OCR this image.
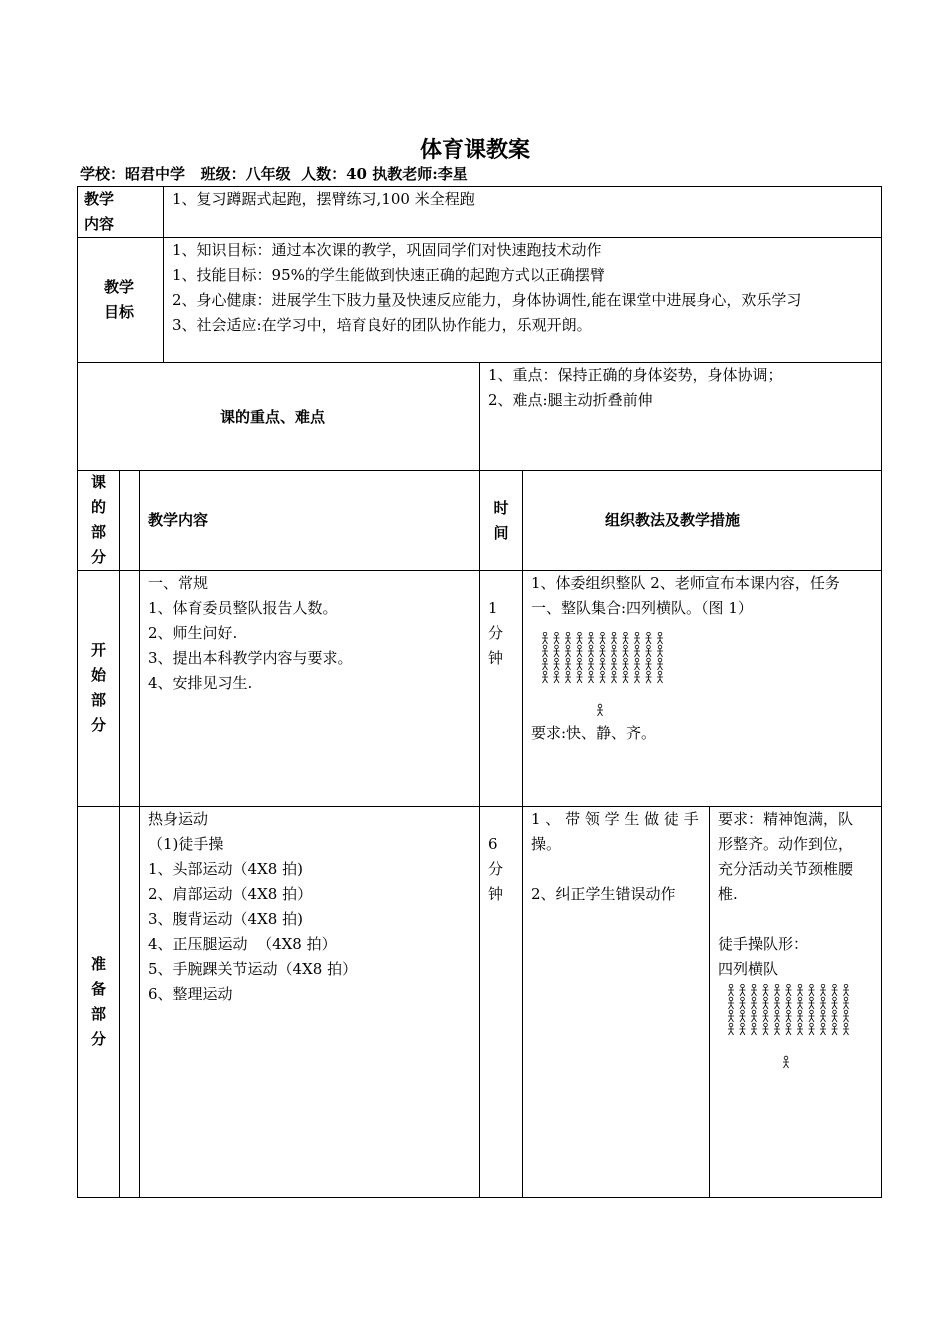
体育课教案
学校：昭君中学   班级：八年级  人数：40 执教老师:李星
教学
内容
1、复习蹲踞式起跑，摆臂练习,100 米全程跑
教学
目标
1、知识目标：通过本次课的教学，巩固同学们对快速跑技术动作
1、技能目标：95%的学生能做到快速正确的起跑方式以正确摆臂
2、身心健康：进展学生下肢力量及快速反应能力，身体协调性,能在课堂中进展身心，欢乐学习
3、社会适应:在学习中，培育良好的团队协作能力，乐观开朗。
课的重点、难点
1、重点：保持正确的身体姿势，身体协调；
2、难点:腿主动折叠前伸
课
的
部
分
教学内容
时
间
组织教法及教学措施
开
始
部
分
一、常规
1、体育委员整队报告人数。
2、师生问好.
3、提出本科教学内容与要求。
4、安排见习生.
1
分
钟
1、体委组织整队 2、老师宣布本课内容，任务
一、整队集合:四列横队。（图 1）
要求:快、静、齐。
准
备
部
分
热身运动
（1)徒手操
1、头部运动（4X8 拍)
2、肩部运动（4X8 拍）
3、腹背运动（4X8 拍)
4、正压腿运动  （4X8 拍）
5、手腕踝关节运动（4X8 拍）
6、整理运动
6
分
钟
1 、 带 领 学 生 做 徒 手
操。
2、纠正学生错误动作
要求：精神饱满，队
形整齐。动作到位，
充分活动关节颈椎腰
椎.
徒手操队形：
四列横队
